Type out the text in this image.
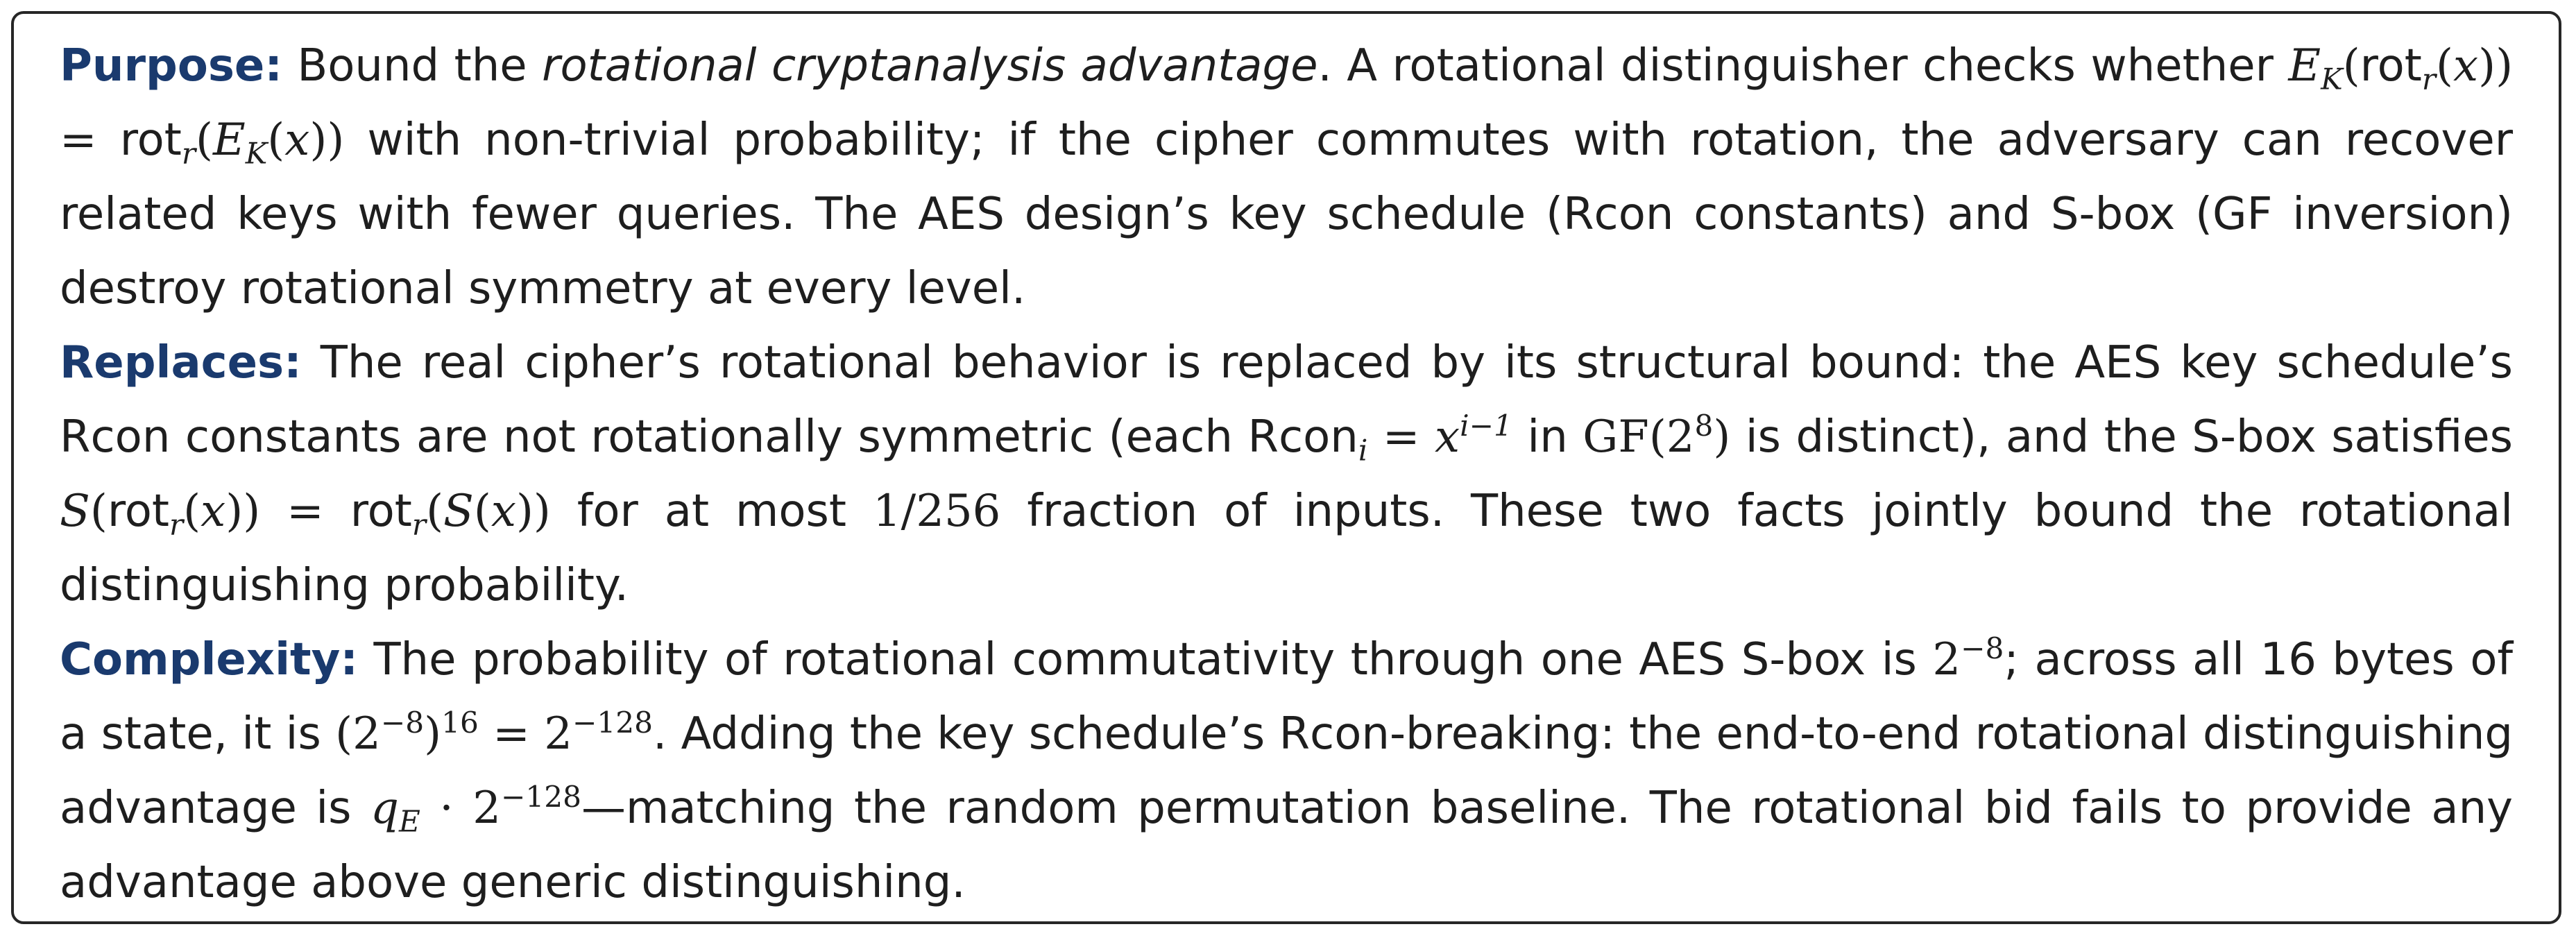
Purpose: Bound the rotational cryptanalysis advantage. A rotational distinguisher checks whether $E_K(rot_r(x)) = rot_r(E_K(x))$ with non-trivial probability; if the cipher commutes with rotation, the adversary can recover related keys with fewer queries. The AES design’s key schedule (Rcon constants) and S-box (GF inversion) destroy rotational symmetry at every level.

Replaces: The real cipher’s rotational behavior is replaced by its structural bound: the AES key schedule’s Rcon constants are not rotationally symmetric (each Rcon$_i$ = $x^{i-1}$ in $GF(2^8)$ is distinct), and the S-box satisfies S(rot$_r$(x)) = rot$_r$(S(x)) for at most 1/256 fraction of inputs. These two facts jointly bound the rotational distinguishing probability.

Complexity: The probability of rotational commutativity through one AES S-box is $2^{-8}$; across all 16 bytes of a state, it is $(2^{-8})^{16} = 2^{-128}$. Adding the key schedule’s Rcon-breaking: the end-to-end rotational distinguishing advantage is $q_E$ · $2^{-128}—matching$ the random permutation baseline. The rotational bid fails to provide any advantage above generic distinguishing.
